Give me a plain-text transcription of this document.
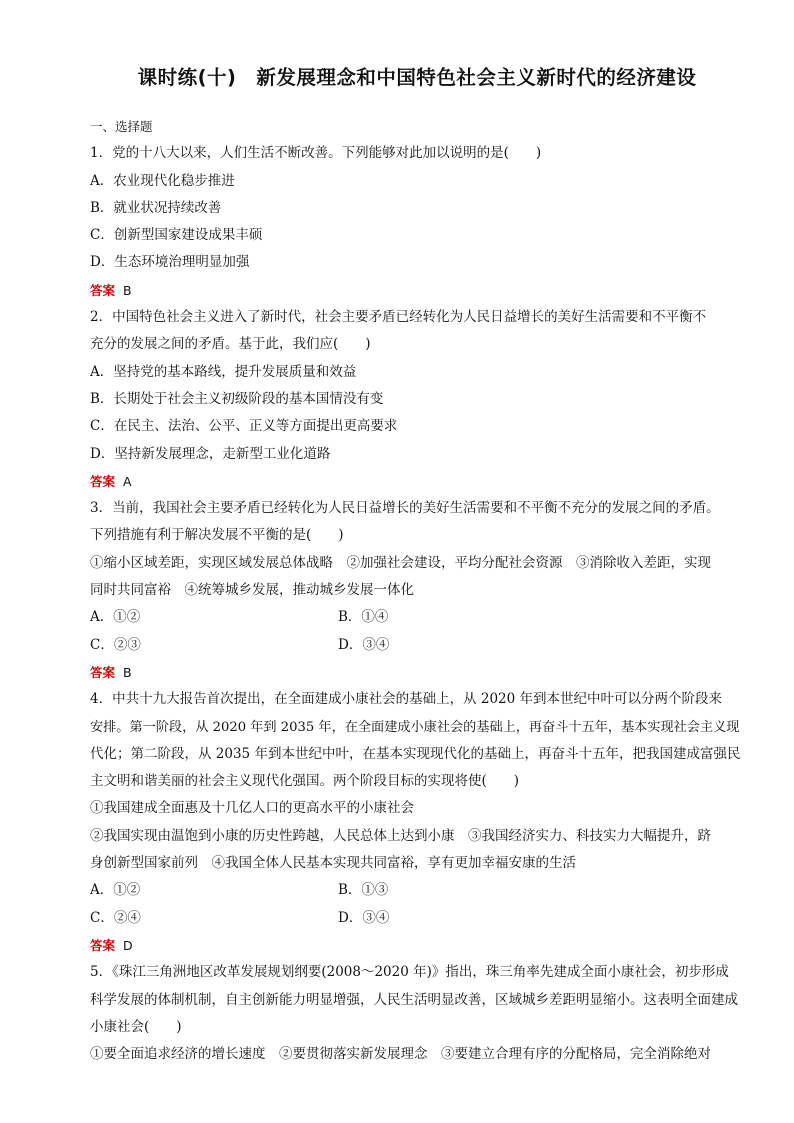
课时练(十)　新发展理念和中国特色社会主义新时代的经济建设
一、选择题
1．党的十八大以来，人们生活不断改善。下列能够对此加以说明的是(　　)
A．农业现代化稳步推进
B．就业状况持续改善
C．创新型国家建设成果丰硕
D．生态环境治理明显加强
答案 B
2．中国特色社会主义进入了新时代，社会主要矛盾已经转化为人民日益增长的美好生活需要和不平衡不
充分的发展之间的矛盾。基于此，我们应(　　)
A．坚持党的基本路线，提升发展质量和效益
B．长期处于社会主义初级阶段的基本国情没有变
C．在民主、法治、公平、正义等方面提出更高要求
D．坚持新发展理念，走新型工业化道路
答案 A
3．当前，我国社会主要矛盾已经转化为人民日益增长的美好生活需要和不平衡不充分的发展之间的矛盾。
下列措施有利于解决发展不平衡的是(　　)
①缩小区域差距，实现区域发展总体战略　②加强社会建设，平均分配社会资源　③消除收入差距，实现
同时共同富裕　④统筹城乡发展，推动城乡发展一体化
A．①②	B．①④
C．②③	D．③④
答案 B
4．中共十九大报告首次提出，在全面建成小康社会的基础上，从 2020 年到本世纪中叶可以分两个阶段来
安排。第一阶段，从 2020 年到 2035 年，在全面建成小康社会的基础上，再奋斗十五年，基本实现社会主义现
代化；第二阶段，从 2035 年到本世纪中叶，在基本实现现代化的基础上，再奋斗十五年，把我国建成富强民
主文明和谐美丽的社会主义现代化强国。两个阶段目标的实现将使(　　)
①我国建成全面惠及十几亿人口的更高水平的小康社会
②我国实现由温饱到小康的历史性跨越，人民总体上达到小康　③我国经济实力、科技实力大幅提升，跻
身创新型国家前列　④我国全体人民基本实现共同富裕，享有更加幸福安康的生活
A．①②	B．①③
C．②④	D．③④
答案 D
5．《珠江三角洲地区改革发展规划纲要(2008～2020 年)》指出，珠三角率先建成全面小康社会，初步形成
科学发展的体制机制，自主创新能力明显增强，人民生活明显改善，区域城乡差距明显缩小。这表明全面建成
小康社会(　　)
①要全面追求经济的增长速度　②要贯彻落实新发展理念　③要建立合理有序的分配格局，完全消除绝对
